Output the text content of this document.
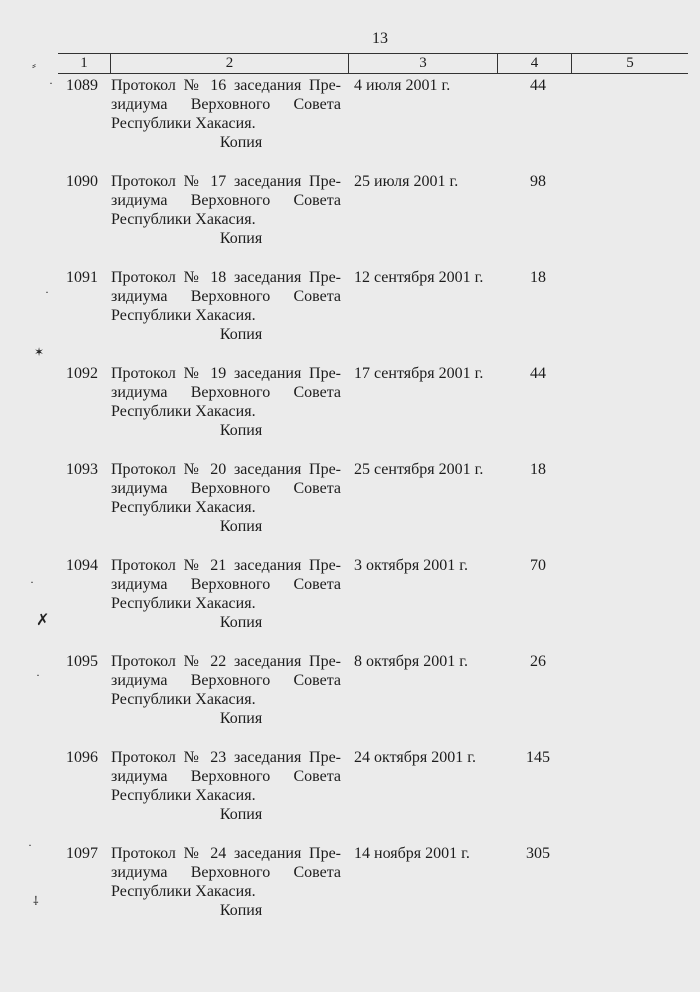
13
1	2	3	4	5
1089 Протокол № 16 заседания Пре-
зидиума Верховного Совета
Республики Хакасия.
Копия
4 июля 2001 г.	44
1090 Протокол № 17 заседания Пре-
зидиума Верховного Совета
Республики Хакасия.
Копия
25 июля 2001 г.	98
1091 Протокол № 18 заседания Пре-
зидиума Верховного Совета
Республики Хакасия.
Копия
12 сентября 2001 г.	18
1092 Протокол № 19 заседания Пре-
зидиума Верховного Совета
Республики Хакасия.
Копия
17 сентября 2001 г.	44
1093 Протокол № 20 заседания Пре-
зидиума Верховного Совета
Республики Хакасия.
Копия
25 сентября 2001 г.	18
1094 Протокол № 21 заседания Пре-
зидиума Верховного Совета
Республики Хакасия.
Копия
3 октября 2001 г.	70
1095 Протокол № 22 заседания Пре-
зидиума Верховного Совета
Республики Хакасия.
Копия
8 октября 2001 г.	26
1096 Протокол № 23 заседания Пре-
зидиума Верховного Совета
Республики Хакасия.
Копия
24 октября 2001 г.	145
1097 Протокол № 24 заседания Пре-
зидиума Верховного Совета
Республики Хакасия.
Копия
14 ноября 2001 г.	305
⸗
·
·
✶
·
✗
·
·
⸸
